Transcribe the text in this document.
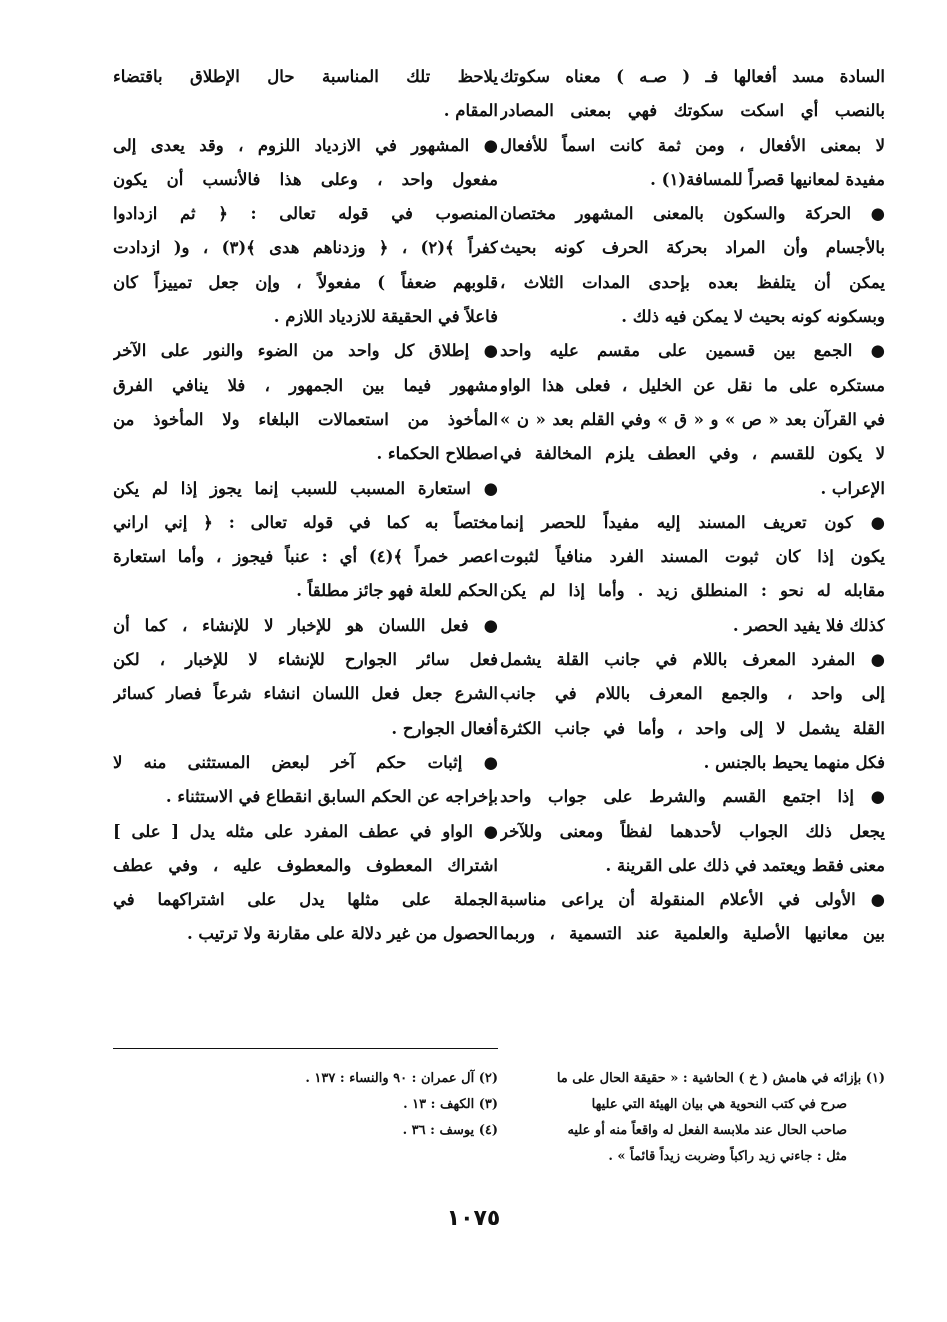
السادة مسد أفعالها فـ ( صـه ) معناه سكوتك
بالنصب أي اسكت سكوتك فهي بمعنى المصادر
لا بمعنى الأفعال ، ومن ثمة كانت اسماً للأفعال
مفيدة لمعانيها قصراً للمسافة(١) .
● الحركة والسكون بالمعنى المشهور مختصان
بالأجسام وأن المراد بحركة الحرف كونه بحيث
يمكن أن يتلفظ بعده بإحدى المدات الثلاث ،
وبسكونه كونه بحيث لا يمكن فيه ذلك .
● الجمع بين قسمين على مقسم عليه واحد
مستكره على ما نقل عن الخليل ، فعلى هذا الواو
في القرآن بعد « ص » و « ق » وفي القلم بعد « ن »
لا يكون للقسم ، وفي العطف يلزم المخالفة في
الإعراب .
● كون تعريف المسند إليه مفيداً للحصر إنما
يكون إذا كان ثبوت المسند الفرد منافياً لثبوت
مقابله له نحو : المنطلق زيد . وأما إذا لم يكن
كذلك فلا يفيد الحصر .
● المفرد المعرف باللام في جانب القلة يشمل
إلى واحد ، والجمع المعرف باللام في جانب
القلة يشمل لا إلى واحد ، وأما في جانب الكثرة
فكل منهما يحيط بالجنس .
● إذا اجتمع القسم والشرط على جواب واحد
يجعل ذلك الجواب لأحدهما لفظاً ومعنى وللآخر
معنى فقط ويعتمد في ذلك على القرينة .
● الأولى في الأعلام المنقولة أن يراعى مناسبة
بين معانيها الأصلية والعلمية عند التسمية ، وربما
يلاحظ تلك المناسبة حال الإطلاق باقتضاء
المقام .
● المشهور في الازدياد اللزوم ، وقد يعدى إلى
مفعول واحد ، وعلى هذا فالأنسب أن يكون
المنصوب في قوله تعالى : ﴿ ثم ازدادوا
كفراً ﴾(٢) ، ﴿ وزدناهم هدى ﴾(٣) ، و( ازدادت
قلوبهم ضعفاً ) مفعولاً ، وإن جعل تمييزاً كان
فاعلاً في الحقيقة للازدياد اللازم .
● إطلاق كل واحد من الضوء والنور على الآخر
مشهور فيما بين الجمهور ، فلا ينافي الفرق
المأخوذ من استعمالات البلغاء ولا المأخوذ من
اصطلاح الحكماء .
● استعارة المسبب للسبب إنما يجوز إذا لم يكن
مختصاً به كما في قوله تعالى : ﴿ إني اراني
اعصر خمراً ﴾(٤) أي : عنباً فيجوز ، وأما استعارة
الحكم للعلة فهو جائز مطلقاً .
● فعل اللسان هو للإخبار لا للإنشاء ، كما أن
فعل سائر الجوارح للإنشاء لا للإخبار ، لكن
الشرع جعل فعل اللسان انشاء شرعاً فصار كسائر
أفعال الجوارح .
● إثبات حكم آخر لبعض المستثنى منه لا
بإخراجه عن الحكم السابق انقطاع في الاستثناء .
● الواو في عطف المفرد على مثله يدل [ على ]
اشتراك المعطوف والمعطوف عليه ، وفي عطف
الجملة على مثلها يدل على اشتراكهما في
الحصول من غير دلالة على مقارنة ولا ترتيب .
(١) بإزائه في هامش ( خ ) الحاشية : « حقيقة الحال على ما
صرح في كتب النحوية هي بيان الهيئة التي عليها
صاحب الحال عند ملابسة الفعل له واقعاً منه أو عليه
مثل : جاءني زيد راكباً وضربت زيداً قائماً » .
(٢) آل عمران : ٩٠ والنساء : ١٣٧ .
(٣) الكهف : ١٣ .
(٤) يوسف : ٣٦ .
١٠٧٥
